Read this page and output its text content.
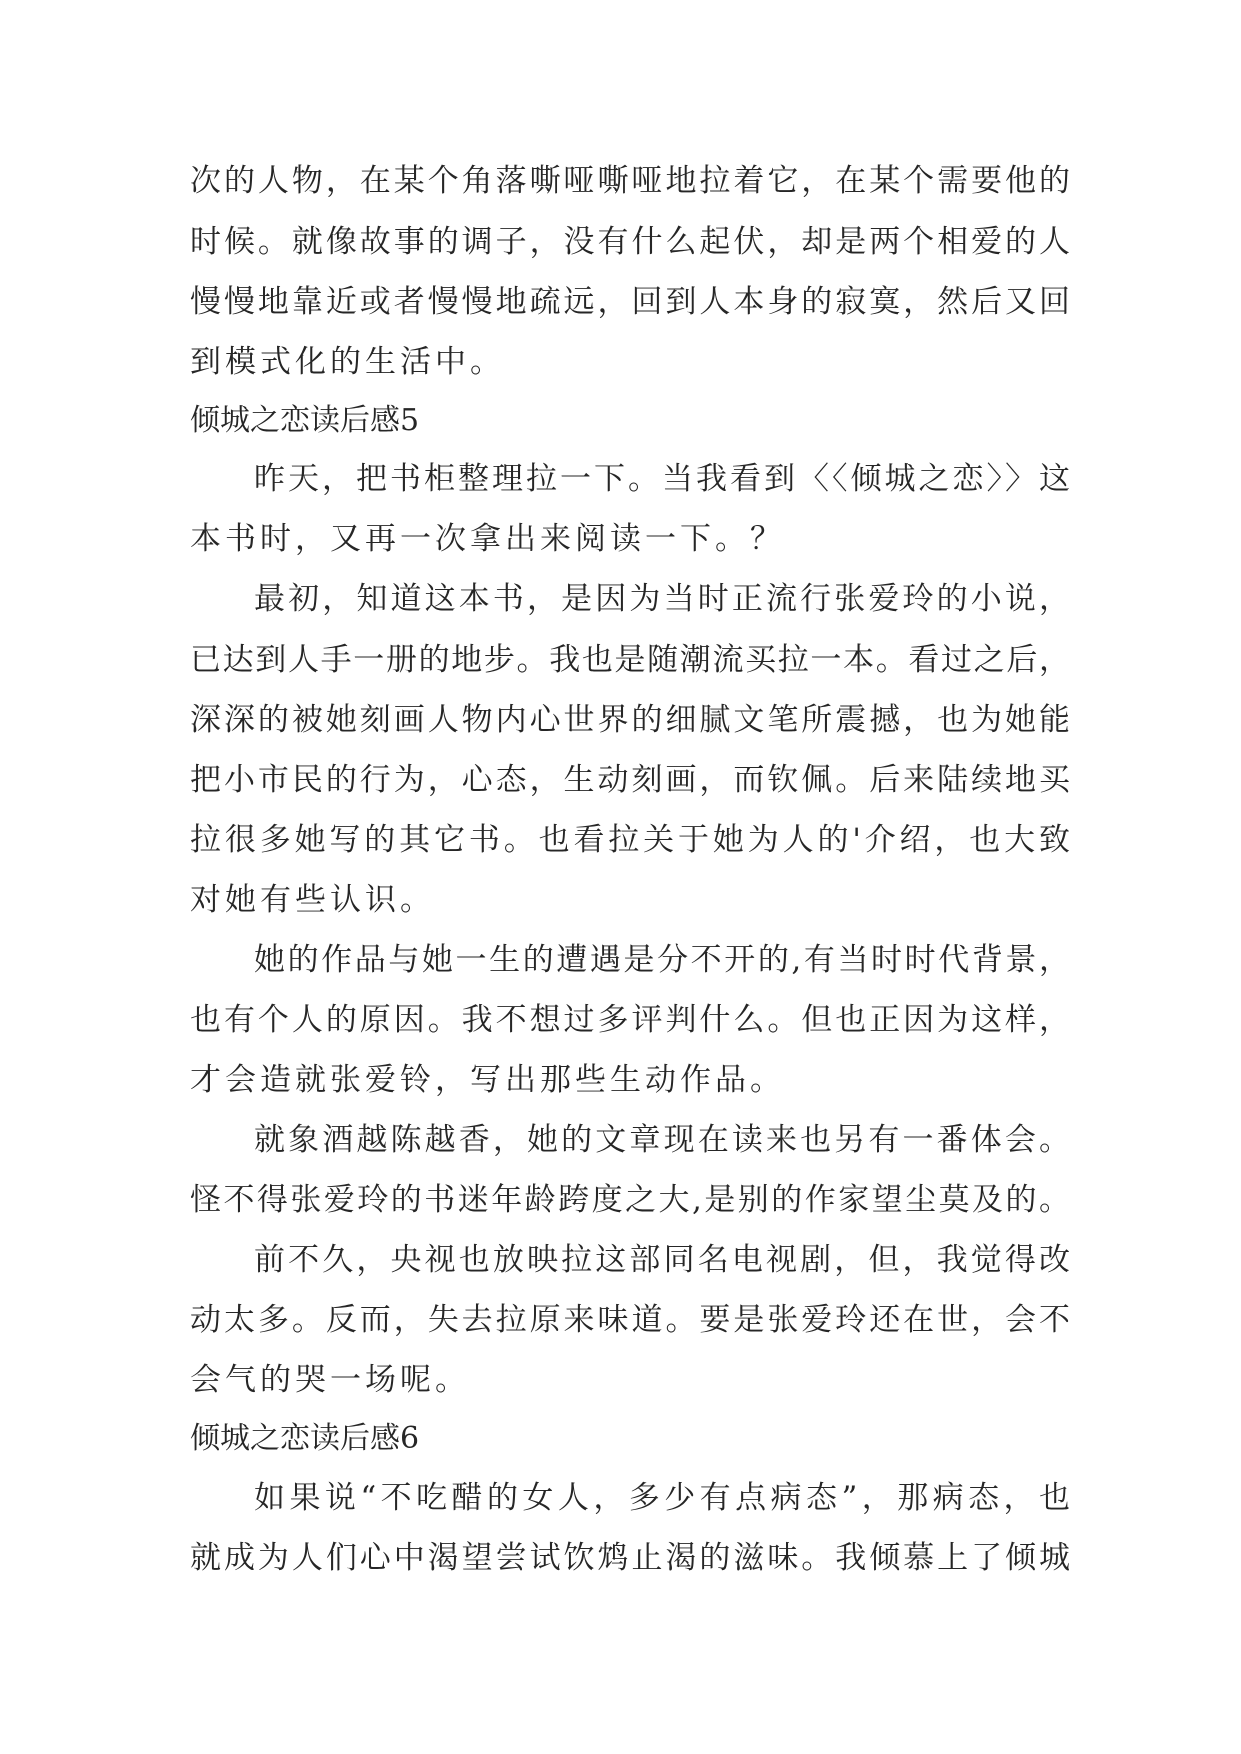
次的人物，在某个角落嘶哑嘶哑地拉着它，在某个需要他的
时候。就像故事的调子，没有什么起伏，却是两个相爱的人
慢慢地靠近或者慢慢地疏远，回到人本身的寂寞，然后又回
到模式化的生活中。
倾城之恋读后感5
昨天，把书柜整理拉一下。当我看到〈〈倾城之恋〉〉这
本书时，又再一次拿出来阅读一下。？
最初，知道这本书，是因为当时正流行张爱玲的小说，
已达到人手一册的地步。我也是随潮流买拉一本。看过之后，
深深的被她刻画人物内心世界的细腻文笔所震撼，也为她能
把小市民的行为，心态，生动刻画，而钦佩。后来陆续地买
拉很多她写的其它书。也看拉关于她为人的'介绍，也大致
对她有些认识。
她的作品与她一生的遭遇是分不开的,有当时时代背景，
也有个人的原因。我不想过多评判什么。但也正因为这样，
才会造就张爱铃，写出那些生动作品。
就象酒越陈越香，她的文章现在读来也另有一番体会。
怪不得张爱玲的书迷年龄跨度之大,是别的作家望尘莫及的。
前不久，央视也放映拉这部同名电视剧，但，我觉得改
动太多。反而，失去拉原来味道。要是张爱玲还在世，会不
会气的哭一场呢。
倾城之恋读后感6
如果说“不吃醋的女人，多少有点病态”，那病态，也
就成为人们心中渴望尝试饮鸩止渴的滋味。我倾慕上了倾城
